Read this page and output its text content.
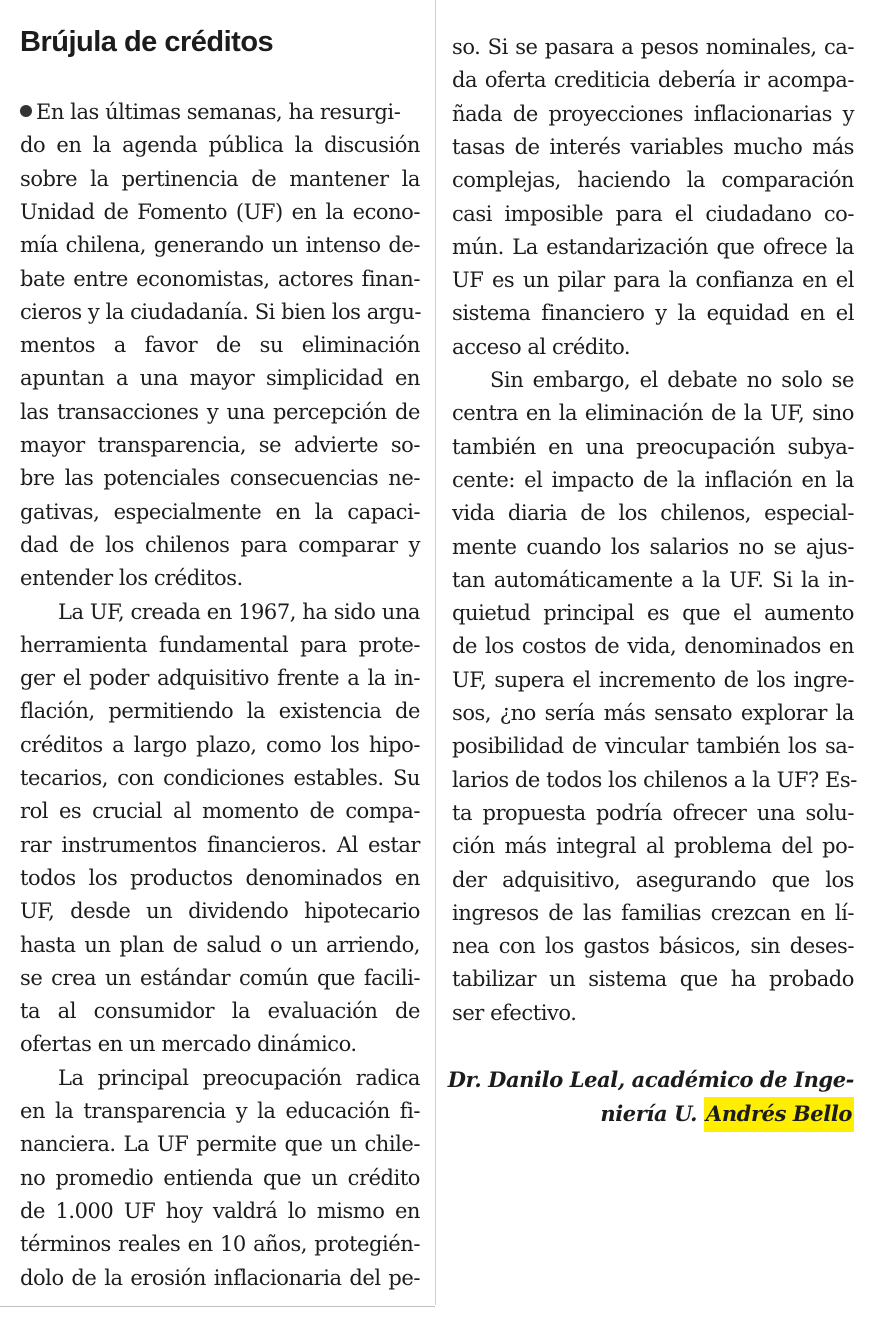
Brújula de créditos
En las últimas semanas, ha resurgi-
do en la agenda pública la discusión
sobre la pertinencia de mantener la
Unidad de Fomento (UF) en la econo-
mía chilena, generando un intenso de-
bate entre economistas, actores finan-
cieros y la ciudadanía. Si bien los argu-
mentos a favor de su eliminación
apuntan a una mayor simplicidad en
las transacciones y una percepción de
mayor transparencia, se advierte so-
bre las potenciales consecuencias ne-
gativas, especialmente en la capaci-
dad de los chilenos para comparar y
entender los créditos.
La UF, creada en 1967, ha sido una
herramienta fundamental para prote-
ger el poder adquisitivo frente a la in-
flación, permitiendo la existencia de
créditos a largo plazo, como los hipo-
tecarios, con condiciones estables. Su
rol es crucial al momento de compa-
rar instrumentos financieros. Al estar
todos los productos denominados en
UF, desde un dividendo hipotecario
hasta un plan de salud o un arriendo,
se crea un estándar común que facili-
ta al consumidor la evaluación de
ofertas en un mercado dinámico.
La principal preocupación radica
en la transparencia y la educación fi-
nanciera. La UF permite que un chile-
no promedio entienda que un crédito
de 1.000 UF hoy valdrá lo mismo en
términos reales en 10 años, protegién-
dolo de la erosión inflacionaria del pe-
so. Si se pasara a pesos nominales, ca-
da oferta crediticia debería ir acompa-
ñada de proyecciones inflacionarias y
tasas de interés variables mucho más
complejas, haciendo la comparación
casi imposible para el ciudadano co-
mún. La estandarización que ofrece la
UF es un pilar para la confianza en el
sistema financiero y la equidad en el
acceso al crédito.
Sin embargo, el debate no solo se
centra en la eliminación de la UF, sino
también en una preocupación subya-
cente: el impacto de la inflación en la
vida diaria de los chilenos, especial-
mente cuando los salarios no se ajus-
tan automáticamente a la UF. Si la in-
quietud principal es que el aumento
de los costos de vida, denominados en
UF, supera el incremento de los ingre-
sos, ¿no sería más sensato explorar la
posibilidad de vincular también los sa-
larios de todos los chilenos a la UF? Es-
ta propuesta podría ofrecer una solu-
ción más integral al problema del po-
der adquisitivo, asegurando que los
ingresos de las familias crezcan en lí-
nea con los gastos básicos, sin deses-
tabilizar un sistema que ha probado
ser efectivo.
Dr. Danilo Leal, académico de Inge-
niería U. Andrés Bello
